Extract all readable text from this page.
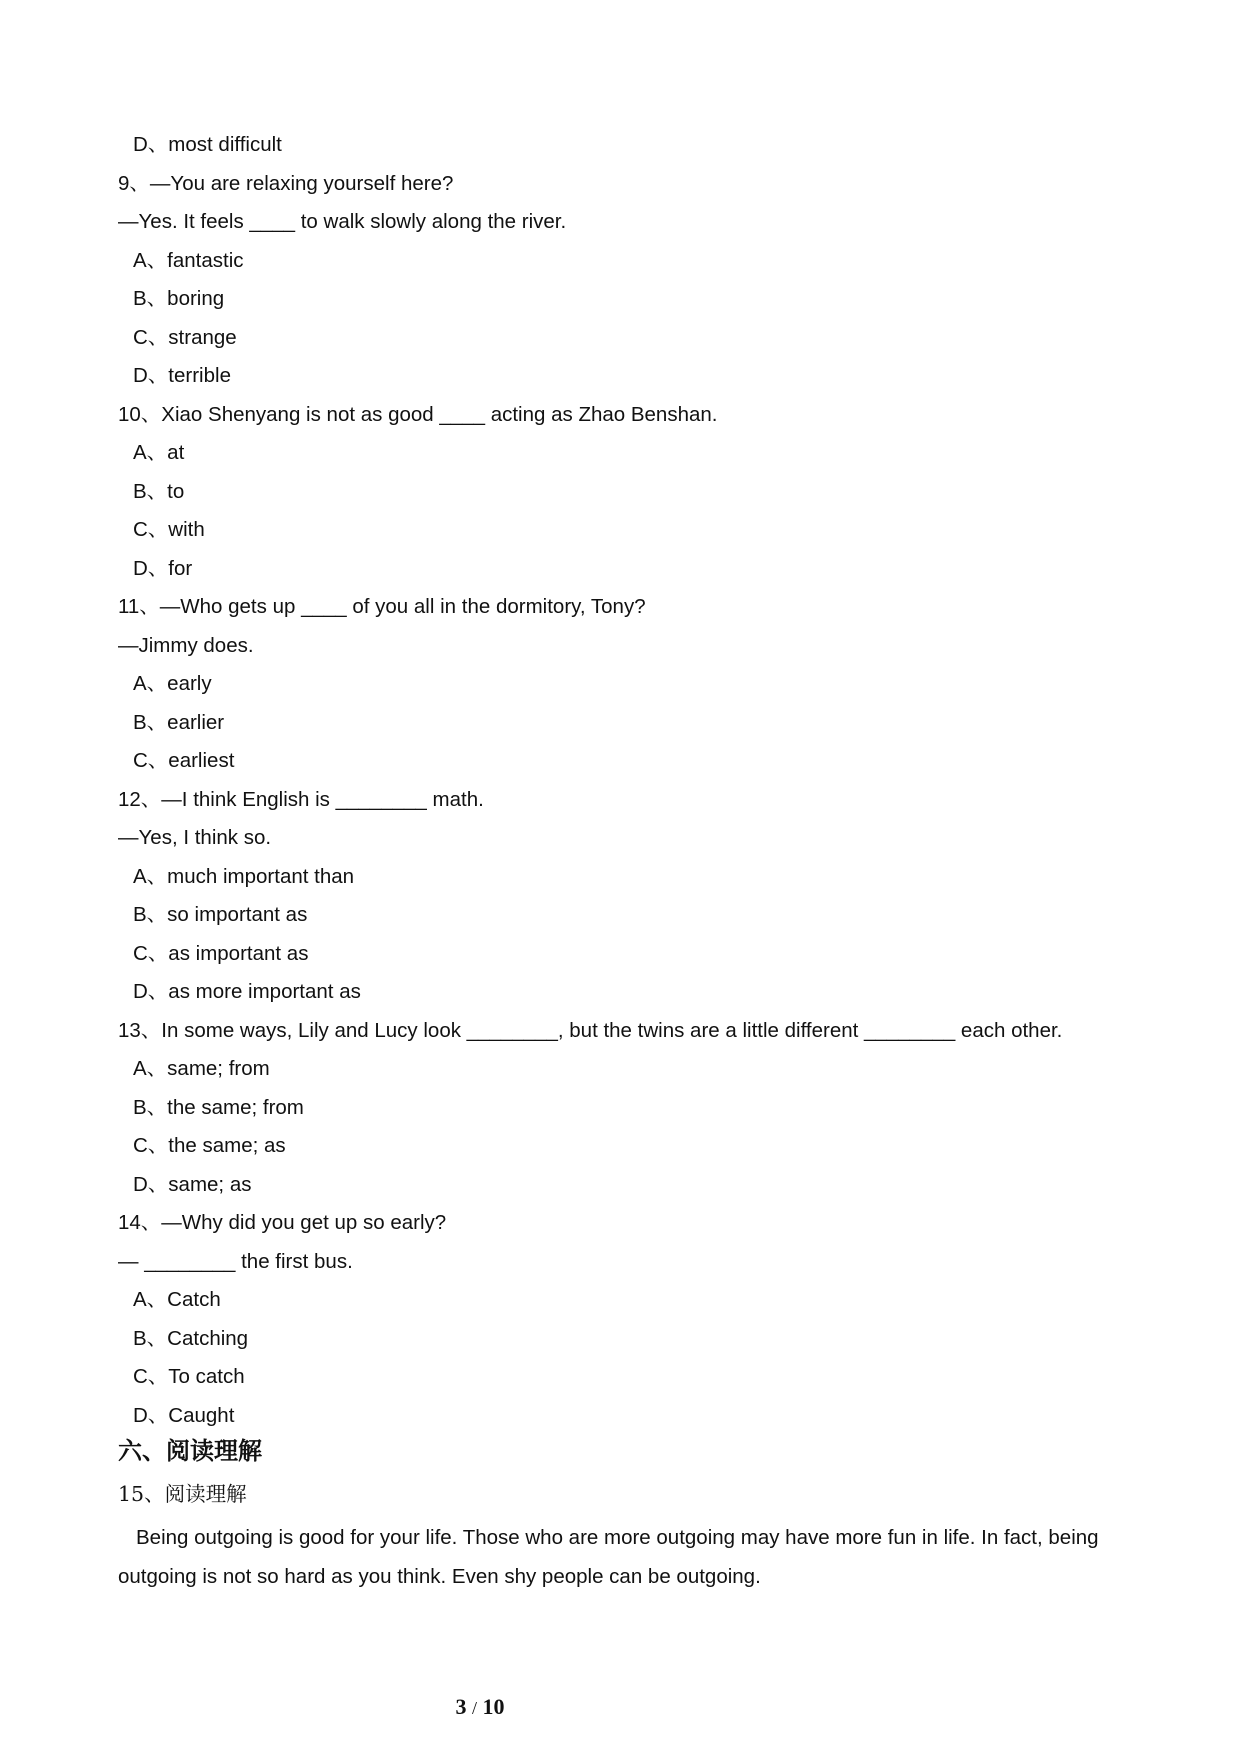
D、most difficult
9、—You are relaxing yourself here?
—Yes. It feels ____ to walk slowly along the river.
A、fantastic
B、boring
C、strange
D、terrible
10、Xiao Shenyang is not as good ____ acting as Zhao Benshan.
A、at
B、to
C、with
D、for
11、—Who gets up ____ of you all in the dormitory, Tony?
—Jimmy does.
A、early
B、earlier
C、earliest
12、—I think English is ________ math.
—Yes, I think so.
A、much important than
B、so important as
C、as important as
D、as more important as
13、In some ways, Lily and Lucy look ________, but the twins are a little different ________ each other.
A、same; from
B、the same; from
C、the same; as
D、same; as
14、—Why did you get up so early?
— ________ the first bus.
A、Catch
B、Catching
C、To catch
D、Caught
六、阅读理解
15、阅读理解
Being outgoing is good for your life. Those who are more outgoing may have more fun in life. In fact, being outgoing is not so hard as you think. Even shy people can be outgoing.
3 / 10
